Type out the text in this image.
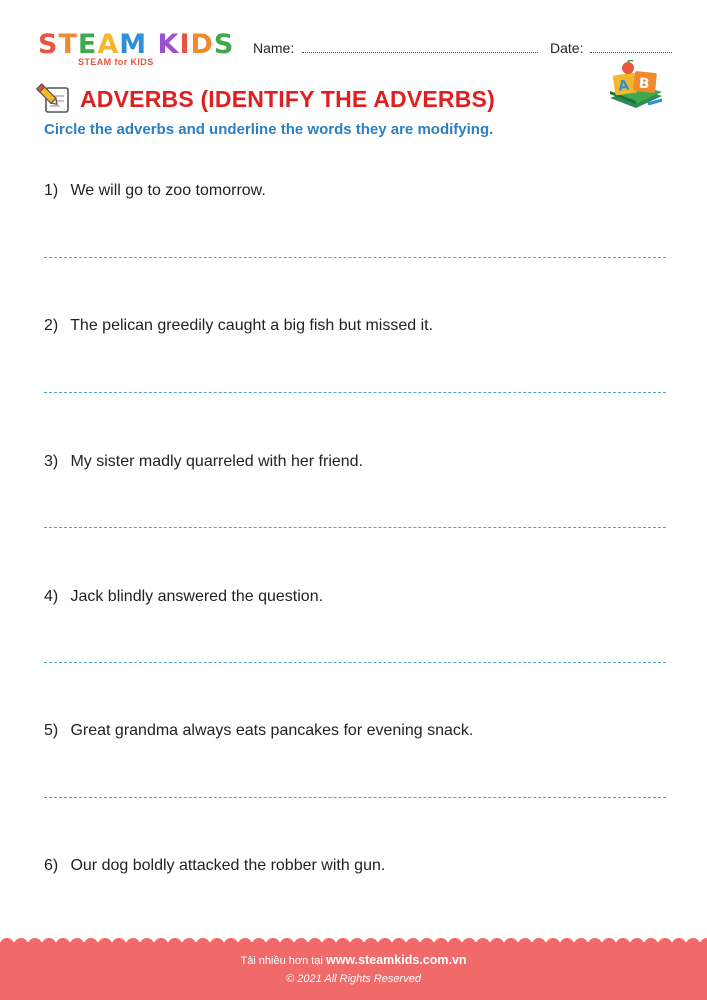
STEAM KIDS
STEAM for KIDS
Name:	Date:
ADVERBS (IDENTIFY THE ADVERBS)	A B
Circle the adverbs and underline the words they are modifying.
1) We will go to zoo tomorrow.
2) The pelican greedily caught a big fish but missed it.
3) My sister madly quarreled with her friend.
4) Jack blindly answered the question.
5) Great grandma always eats pancakes for evening snack.
6) Our dog boldly attacked the robber with gun.
Tải nhiều hơn tại www.steamkids.com.vn
© 2021 All Rights Reserved
